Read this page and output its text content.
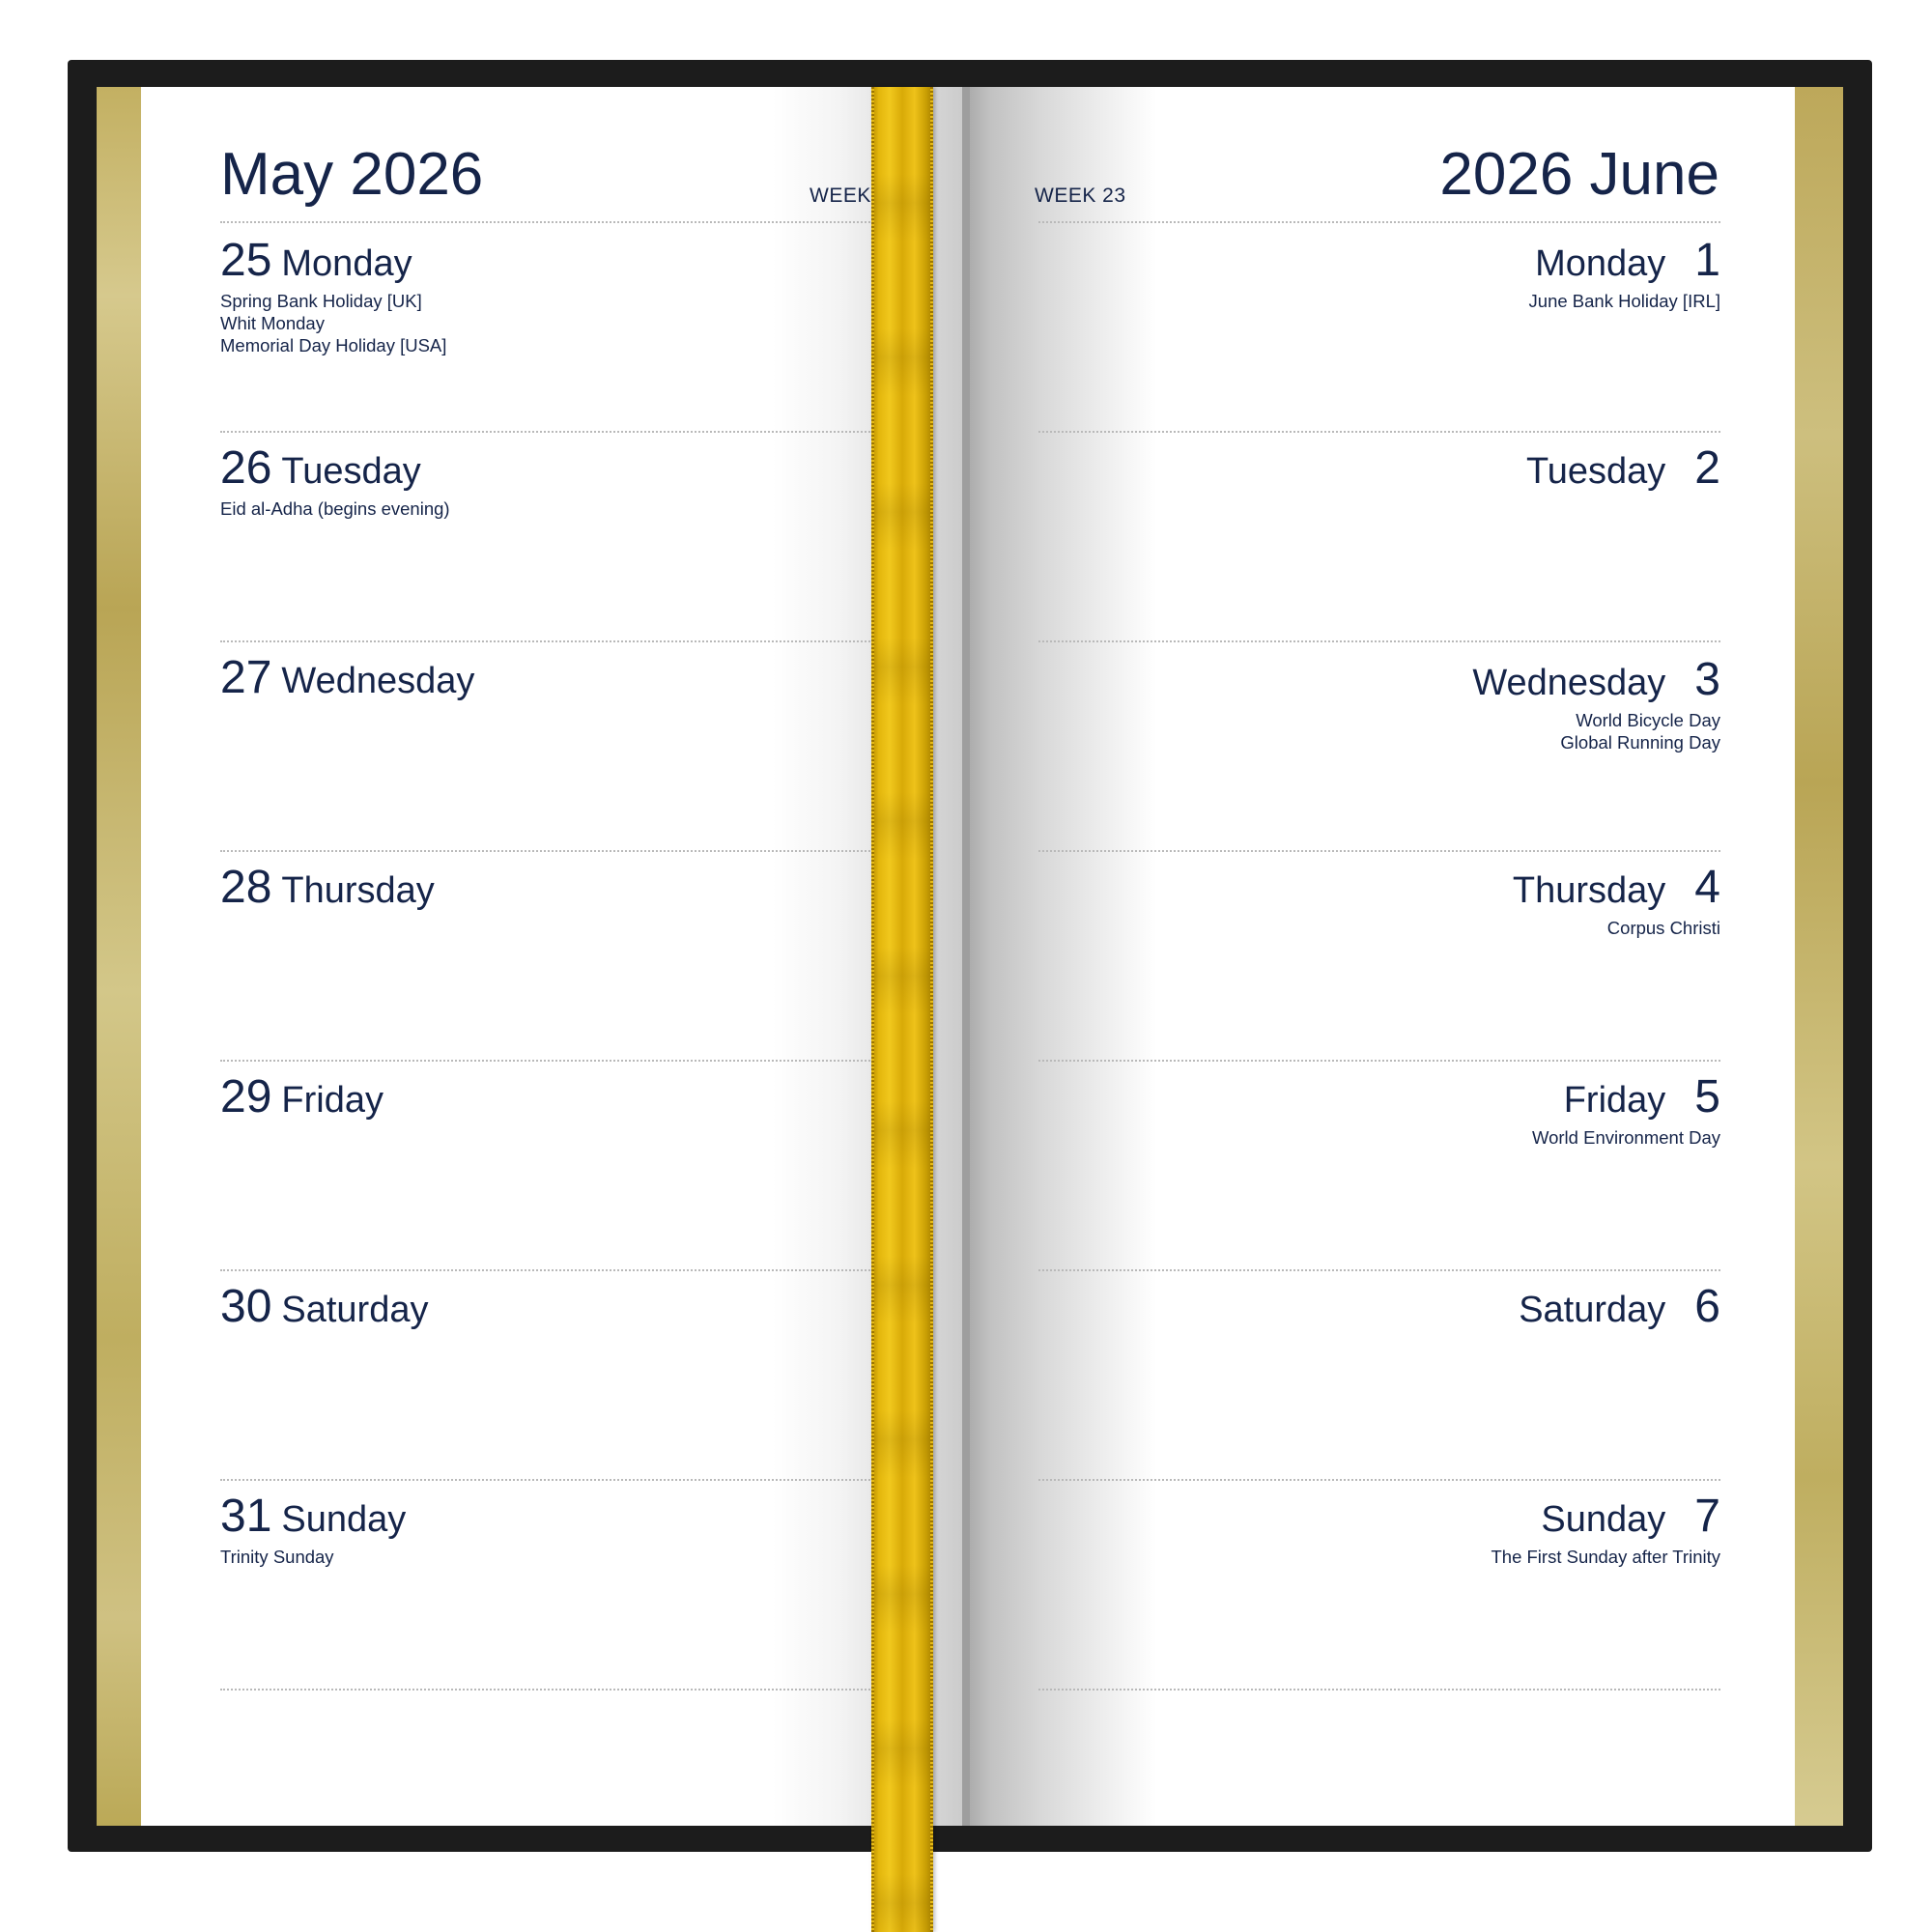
May 2026	WEEK	WEEK 23	2026 June
25 Monday
Spring Bank Holiday [UK]
Whit Monday
Memorial Day Holiday [USA]
26 Tuesday
Eid al-Adha (begins evening)
27 Wednesday
28 Thursday
29 Friday
30 Saturday
31 Sunday
Trinity Sunday
Monday 1
June Bank Holiday [IRL]
Tuesday 2
Wednesday 3
World Bicycle Day
Global Running Day
Thursday 4
Corpus Christi
Friday 5
World Environment Day
Saturday 6
Sunday 7
The First Sunday after Trinity
